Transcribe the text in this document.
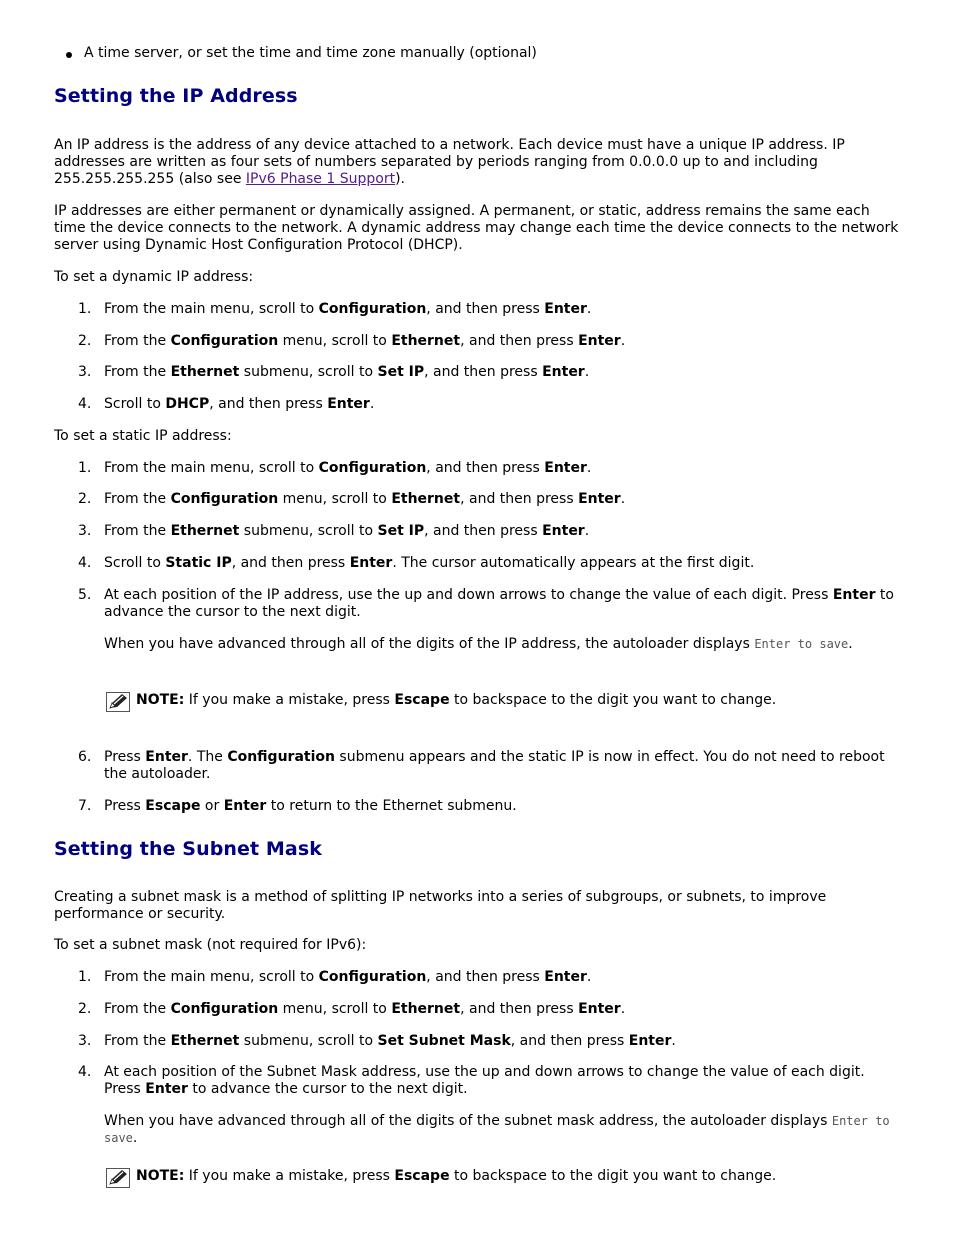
A time server, or set the time and time zone manually (optional)
Setting the IP Address

An IP address is the address of any device attached to a network. Each device must have a unique IP address. IP addresses are written as four sets of numbers separated by periods ranging from 0.0.0.0 up to and including 255.255.255.255 (also see IPv6 Phase 1 Support).

IP addresses are either permanent or dynamically assigned. A permanent, or static, address remains the same each time the device connects to the network. A dynamic address may change each time the device connects to the network server using Dynamic Host Configuration Protocol (DHCP).

To set a dynamic IP address:

1. From the main menu, scroll to Configuration, and then press Enter.
2. From the Configuration menu, scroll to Ethernet, and then press Enter.
3. From the Ethernet submenu, scroll to Set IP, and then press Enter.
4. Scroll to DHCP, and then press Enter.

To set a static IP address:

1. From the main menu, scroll to Configuration, and then press Enter.
2. From the Configuration menu, scroll to Ethernet, and then press Enter.
3. From the Ethernet submenu, scroll to Set IP, and then press Enter.
4. Scroll to Static IP, and then press Enter. The cursor automatically appears at the first digit.
5. At each position of the IP address, use the up and down arrows to change the value of each digit. Press Enter to advance the cursor to the next digit.

When you have advanced through all of the digits of the IP address, the autoloader displays Enter to save.

NOTE: If you make a mistake, press Escape to backspace to the digit you want to change.
6. Press Enter. The Configuration submenu appears and the static IP is now in effect. You do not need to reboot the autoloader.
7. Press Escape or Enter to return to the Ethernet submenu.
Setting the Subnet Mask

Creating a subnet mask is a method of splitting IP networks into a series of subgroups, or subnets, to improve performance or security.

To set a subnet mask (not required for IPv6):

1. From the main menu, scroll to Configuration, and then press Enter.
2. From the Configuration menu, scroll to Ethernet, and then press Enter.
3. From the Ethernet submenu, scroll to Set Subnet Mask, and then press Enter.
4. At each position of the Subnet Mask address, use the up and down arrows to change the value of each digit. Press Enter to advance the cursor to the next digit.

When you have advanced through all of the digits of the subnet mask address, the autoloader displays Enter to save.

NOTE: If you make a mistake, press Escape to backspace to the digit you want to change.
